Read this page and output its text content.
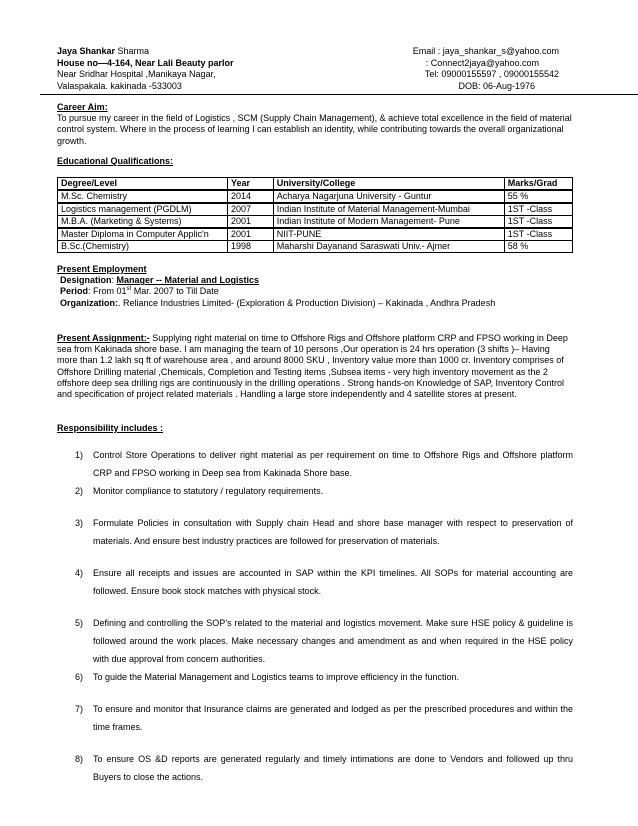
Jaya Shankar Sharma
House no—4-164, Near Lali Beauty parlor
Near Sridhar Hospital ,Manikaya Nagar,
Valaspakala. kakinada -533003
Email : jaya_shankar_s@yahoo.com
: Connect2jaya@yahoo.com
Tel: 09000155597 , 09000155542
DOB: 06-Aug-1976
Career Aim:
To pursue my career in the field of Logistics , SCM (Supply Chain Management), & achieve total excellence in the field of material control system. Where in the process of learning I can establish an identity, while contributing towards the overall organizational growth.
Educational Qualifications:
Degree/Level	Year	University/College	Marks/Grad
M.Sc. Chemistry	2014	Acharya Nagarjuna University - Guntur	55 %
Logistics management (PGDLM)	2007	Indian Institute of Material Management-Mumbai	1ST -Class
M.B.A. (Marketing & Systems)	2001	Indian Institute of Modern Management- Pune	1ST -Class
Master Diploma in Computer Applic'n	2001	NIIT-PUNE	1ST -Class
B.Sc.(Chemistry)	1998	Maharshi Dayanand Saraswati Univ.- Ajmer	58 %
Present Employment
Designation: Manager -- Material and Logistics
Period: From 01st Mar. 2007 to Till Date
Organization:. Reliance Industries Limited- (Exploration & Production Division) – Kakinada , Andhra Pradesh
Present Assignment:- Supplying right material on time to Offshore Rigs and Offshore platform CRP and FPSO working in Deep sea from Kakinada shore base. I am managing the team of 10 persons ,Our operation is 24 hrs operation (3 shifts )– Having more than 1.2 lakh sq ft of warehouse area , and around 8000 SKU , Inventory value more than 1000 cr. Inventory comprises of Offshore Drilling material ,Chemicals, Completion and Testing items ,Subsea items - very high inventory movement as the 2 offshore deep sea drilling rigs are continuously in the drilling operations . Strong hands-on Knowledge of SAP, Inventory Control and specification of project related materials . Handling a large store independently and 4 satellite stores at present.
Responsibility includes :
1) Control Store Operations to deliver right material as per requirement on time to Offshore Rigs and Offshore platform CRP and FPSO working in Deep sea from Kakinada Shore base.
2) Monitor compliance to statutory / regulatory requirements.
3) Formulate Policies in consultation with Supply chain Head and shore base manager with respect to preservation of materials. And ensure best industry practices are followed for preservation of materials.
4) Ensure all receipts and issues are accounted in SAP within the KPI timelines. All SOPs for material accounting are followed. Ensure book stock matches with physical stock.
5) Defining and controlling the SOP’s related to the material and logistics movement. Make sure HSE policy & guideline is followed around the work places. Make necessary changes and amendment as and when required in the HSE policy with due approval from concern authorities.
6) To guide the Material Management and Logistics teams to improve efficiency in the function.
7) To ensure and monitor that Insurance claims are generated and lodged as per the prescribed procedures and within the time frames.
8) To ensure OS &D reports are generated regularly and timely intimations are done to Vendors and followed up thru Buyers to close the actions.
